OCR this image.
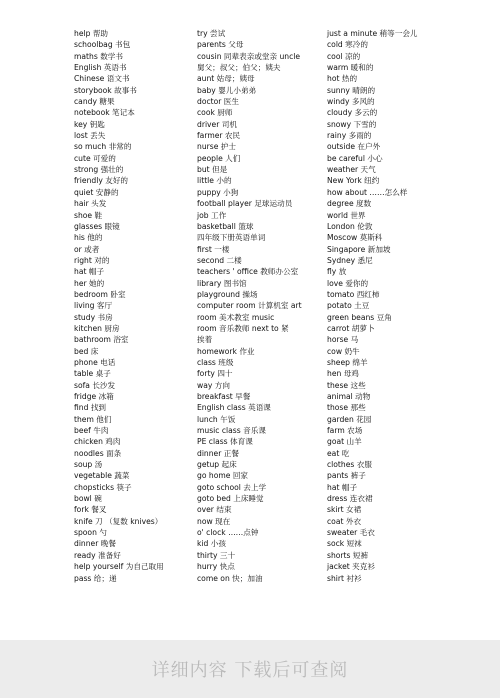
help 帮助
schoolbag 书包
maths 数学书
English 英语书
Chinese 语文书
storybook 故事书
candy 糖果
notebook 笔记本
key 钥匙
lost 丢失
so much 非常的
cute 可爱的
strong 强壮的
friendly 友好的
quiet 安静的
hair 头发
shoe 鞋
glasses 眼镜
his 他的
or 或者
right 对的
hat 帽子
her 她的
bedroom 卧室
living 客厅
study 书房
kitchen 厨房
bathroom 浴室
bed 床
phone 电话
table 桌子
sofa 长沙发
fridge 冰箱
find 找到
them 他们
beef 牛肉
chicken 鸡肉
noodles 面条
soup 汤
vegetable 蔬菜
chopsticks 筷子
bowl 碗
fork 餐叉
knife 刀 （复数 knives）
spoon 勺
dinner 晚餐
ready 准备好
help yourself 为自己取用
pass 给；递
try 尝试
parents 父母
cousin 同辈表亲或堂亲 uncle
舅父；叔父；伯父；姨夫
aunt 姑母；姨母
baby 婴儿小弟弟
doctor 医生
cook 厨师
driver 司机
farmer 农民
nurse 护士
people 人们
but 但是
little 小的
puppy 小狗
football player 足球运动员
job 工作
basketball 篮球
四年级下册英语单词
first 一楼
second 二楼
teachers ' office 教师办公室
library 图书馆
playground 操场
computer room 计算机室 art
room 美术教室 music
room 音乐教师 next to 紧
挨着
homework 作业
class 班级
forty 四十
way 方向
breakfast 早餐
English class 英语课
lunch 午饭
music class 音乐课
PE class 体育课
dinner 正餐
getup 起床
go home 回家
goto school 去上学
goto bed 上床睡觉
over 结束
now 现在
o' clock ……点钟
kid 小孩
thirty 三十
hurry 快点
come on 快；加油
just a minute 稍等一会儿
cold 寒冷的
cool 凉的
warm 暖和的
hot 热的
sunny 晴朗的
windy 多风的
cloudy 多云的
snowy 下雪的
rainy 多雨的
outside 在户外
be careful 小心
weather 天气
New York 纽约
how about ……怎么样
degree 度数
world 世界
London 伦敦
Moscow 莫斯科
Singapore 新加坡
Sydney 悉尼
fly 放
love 爱你的
tomato 西红柿
potato 土豆
green beans 豆角
carrot 胡萝卜
horse 马
cow 奶牛
sheep 绵羊
hen 母鸡
these 这些
animal 动物
those 那些
garden 花园
farm 农场
goat 山羊
eat 吃
clothes 衣服
pants 裤子
hat 帽子
dress 连衣裙
skirt 女裙
coat 外衣
sweater 毛衣
sock 短袜
shorts 短裤
jacket 夹克衫
shirt 衬衫
详细内容 下载后可查阅
